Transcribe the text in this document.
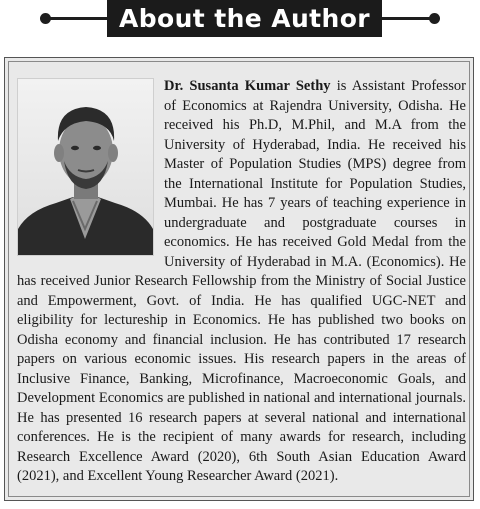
About the Author

Dr. Susanta Kumar Sethy is Assistant Professor of Economics at Rajendra University, Odisha. He received his Ph.D, M.Phil, and M.A from the University of Hyderabad, India. He received his Master of Population Studies (MPS) degree from the International Institute for Population Studies, Mumbai. He has 7 years of teaching experience in undergraduate and postgraduate courses in economics. He has received Gold Medal from the University of Hyderabad in M.A. (Economics). He has received Junior Research Fellowship from the Ministry of Social Justice and Empowerment, Govt. of India. He has qualified UGC-NET and eligibility for lectureship in Economics. He has published two books on Odisha economy and financial inclusion. He has contributed 17 research papers on various economic issues. His research papers in the areas of Inclusive Finance, Banking, Microfinance, Macroeconomic Goals, and Development Economics are published in national and international journals. He has presented 16 research papers at several national and international conferences. He is the recipient of many awards for research, including Research Excellence Award (2020), 6th South Asian Education Award (2021), and Excellent Young Researcher Award (2021).
